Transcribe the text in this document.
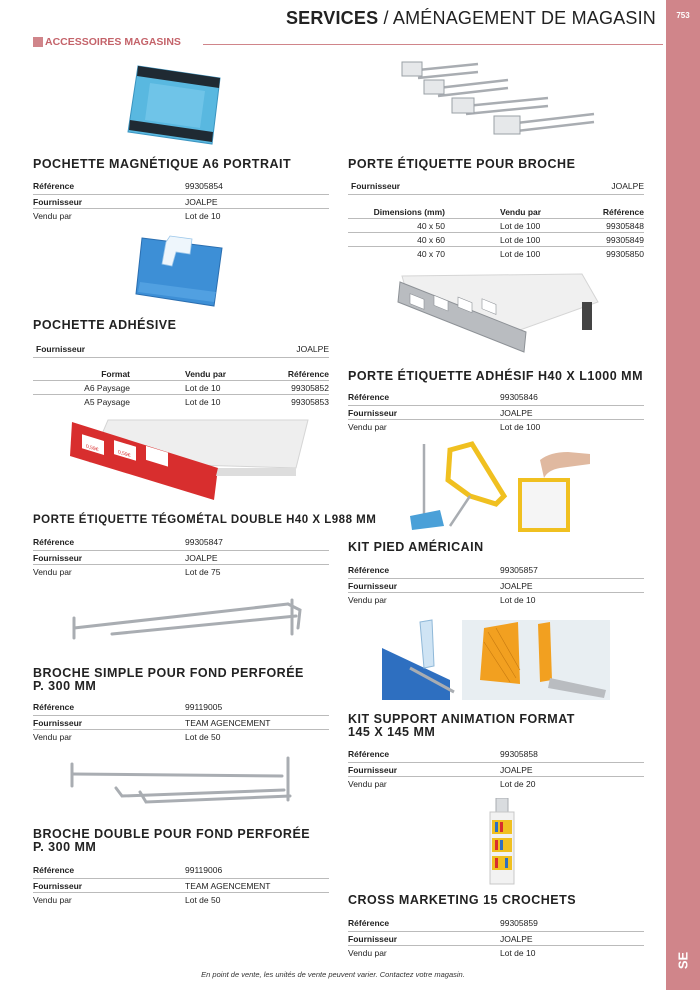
753
SE
SERVICES / AMÉNAGEMENT DE MAGASIN
ACCESSOIRES MAGASINS
POCHETTE MAGNÉTIQUE A6 PORTRAIT
Référence	99305854
Fournisseur	JOALPE
Vendu par	Lot de 10
POCHETTE ADHÉSIVE
Fournisseur	JOALPE
Format	Vendu par	Référence
A6 Paysage	Lot de 10	99305852
A5 Paysage	Lot de 10	99305853
0,59€
0,59€
PORTE ÉTIQUETTE TÉGOMÉTAL DOUBLE H40 X L988 MM
Référence	99305847
Fournisseur	JOALPE
Vendu par	Lot de 75
BROCHE SIMPLE POUR FOND PERFORÉE
P. 300 MM
Référence	99119005
Fournisseur	TEAM AGENCEMENT
Vendu par	Lot de 50
BROCHE DOUBLE POUR FOND PERFORÉE
P. 300 MM
Référence	99119006
Fournisseur	TEAM AGENCEMENT
Vendu par	Lot de 50
PORTE ÉTIQUETTE POUR BROCHE
Fournisseur	JOALPE
Dimensions (mm)	Vendu par	Référence
40 x 50	Lot de 100	99305848
40 x 60	Lot de 100	99305849
40 x 70	Lot de 100	99305850
PORTE ÉTIQUETTE ADHÉSIF H40 X L1000 MM
Référence	99305846
Fournisseur	JOALPE
Vendu par	Lot de 100
KIT PIED AMÉRICAIN
Référence	99305857
Fournisseur	JOALPE
Vendu par	Lot de 10
KIT SUPPORT ANIMATION FORMAT
145 X 145 MM
Référence	99305858
Fournisseur	JOALPE
Vendu par	Lot de 20
CROSS MARKETING 15 CROCHETS
Référence	99305859
Fournisseur	JOALPE
Vendu par	Lot de 10
En point de vente, les unités de vente peuvent varier. Contactez votre magasin.
